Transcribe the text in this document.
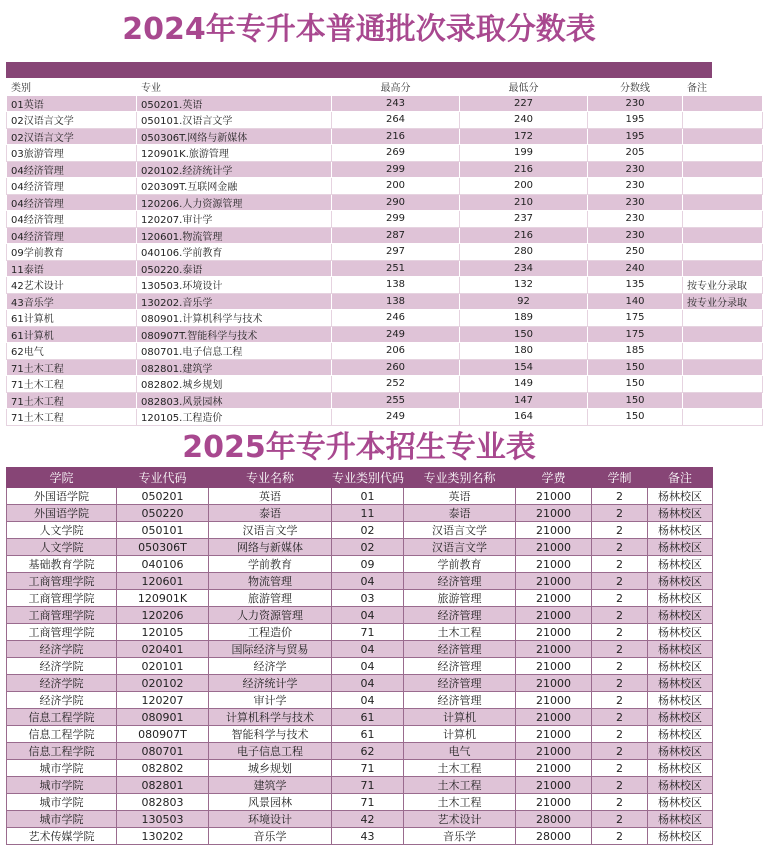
2024年专升本普通批次录取分数表
类别	专业	最高分	最低分	分数线	备注
01英语	050201.英语	243	227	230	
02汉语言文学	050101.汉语言文学	264	240	195	
02汉语言文学	050306T.网络与新媒体	216	172	195	
03旅游管理	120901K.旅游管理	269	199	205	
04经济管理	020102.经济统计学	299	216	230	
04经济管理	020309T.互联网金融	200	200	230	
04经济管理	120206.人力资源管理	290	210	230	
04经济管理	120207.审计学	299	237	230	
04经济管理	120601.物流管理	287	216	230	
09学前教育	040106.学前教育	297	280	250	
11泰语	050220.泰语	251	234	240	
42艺术设计	130503.环境设计	138	132	135	按专业分录取
43音乐学	130202.音乐学	138	92	140	按专业分录取
61计算机	080901.计算机科学与技术	246	189	175	
61计算机	080907T.智能科学与技术	249	150	175	
62电气	080701.电子信息工程	206	180	185	
71土木工程	082801.建筑学	260	154	150	
71土木工程	082802.城乡规划	252	149	150	
71土木工程	082803.风景园林	255	147	150	
71土木工程	120105.工程造价	249	164	150	
2025年专升本招生专业表
学院	专业代码	专业名称	专业类别代码	专业类别名称	学费	学制	备注
外国语学院	050201	英语	01	英语	21000	2	杨林校区
外国语学院	050220	泰语	11	泰语	21000	2	杨林校区
人文学院	050101	汉语言文学	02	汉语言文学	21000	2	杨林校区
人文学院	050306T	网络与新媒体	02	汉语言文学	21000	2	杨林校区
基础教育学院	040106	学前教育	09	学前教育	21000	2	杨林校区
工商管理学院	120601	物流管理	04	经济管理	21000	2	杨林校区
工商管理学院	120901K	旅游管理	03	旅游管理	21000	2	杨林校区
工商管理学院	120206	人力资源管理	04	经济管理	21000	2	杨林校区
工商管理学院	120105	工程造价	71	土木工程	21000	2	杨林校区
经济学院	020401	国际经济与贸易	04	经济管理	21000	2	杨林校区
经济学院	020101	经济学	04	经济管理	21000	2	杨林校区
经济学院	020102	经济统计学	04	经济管理	21000	2	杨林校区
经济学院	120207	审计学	04	经济管理	21000	2	杨林校区
信息工程学院	080901	计算机科学与技术	61	计算机	21000	2	杨林校区
信息工程学院	080907T	智能科学与技术	61	计算机	21000	2	杨林校区
信息工程学院	080701	电子信息工程	62	电气	21000	2	杨林校区
城市学院	082802	城乡规划	71	土木工程	21000	2	杨林校区
城市学院	082801	建筑学	71	土木工程	21000	2	杨林校区
城市学院	082803	风景园林	71	土木工程	21000	2	杨林校区
城市学院	130503	环境设计	42	艺术设计	28000	2	杨林校区
艺术传媒学院	130202	音乐学	43	音乐学	28000	2	杨林校区
